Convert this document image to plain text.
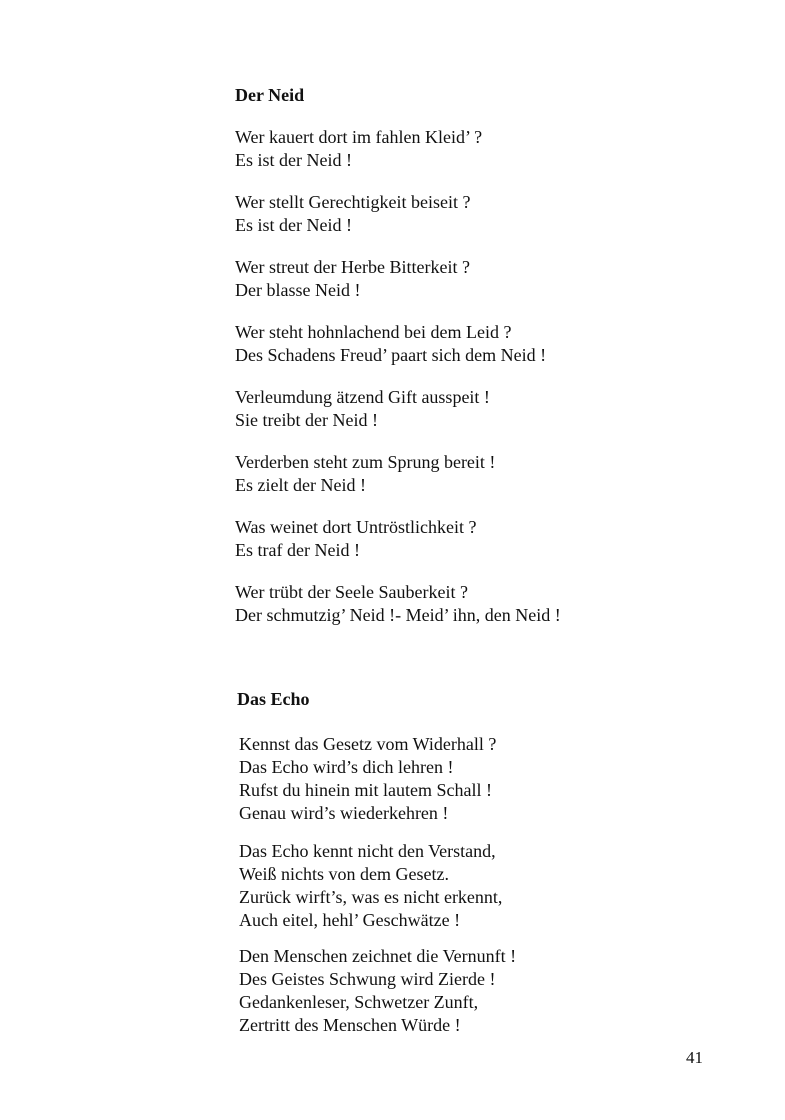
Der Neid
Wer kauert dort im fahlen Kleid’ ?
Es ist der Neid !
Wer stellt Gerechtigkeit beiseit ?
Es ist der Neid !
Wer streut der Herbe Bitterkeit ?
Der blasse Neid !
Wer steht hohnlachend bei dem Leid ?
Des Schadens Freud’ paart sich dem Neid !
Verleumdung ätzend Gift ausspeit !
Sie treibt der Neid !
Verderben steht zum Sprung bereit !
Es zielt der Neid !
Was weinet dort Untröstlichkeit ?
Es traf der Neid !
Wer trübt der Seele Sauberkeit ?
Der schmutzig’ Neid !- Meid’ ihn, den Neid !
Das Echo
Kennst das Gesetz vom Widerhall ?
Das Echo wird’s dich lehren !
Rufst du hinein mit lautem Schall !
Genau wird’s wiederkehren !
Das Echo kennt nicht den Verstand,
Weiß nichts von dem Gesetz.
Zurück wirft’s, was es nicht erkennt,
Auch eitel, hehl’ Geschwätze !
Den Menschen zeichnet die Vernunft !
Des Geistes Schwung wird Zierde !
Gedankenleser, Schwetzer Zunft,
Zertritt des Menschen Würde !
41
